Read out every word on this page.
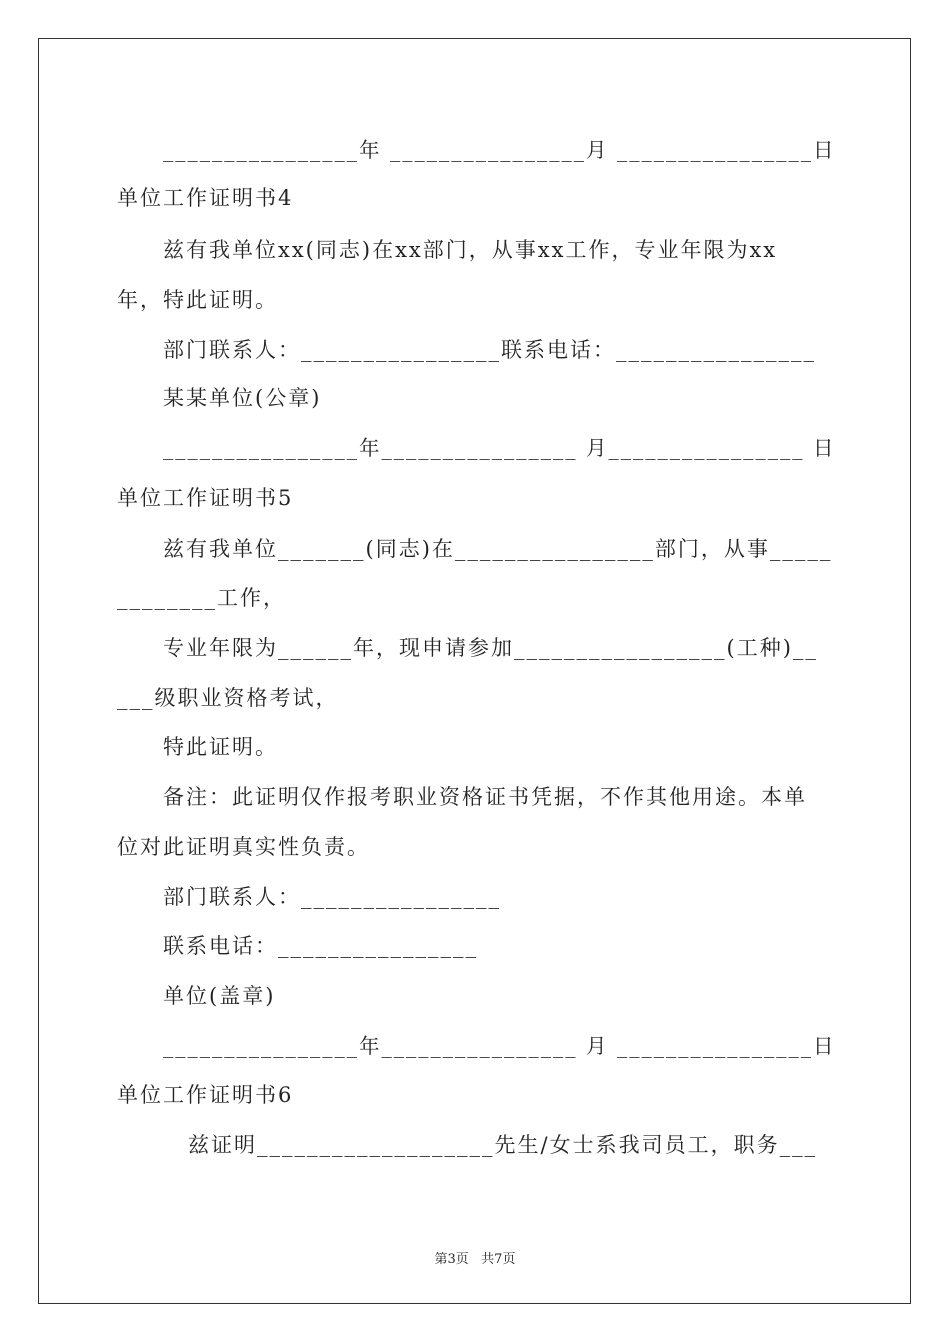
________________年 ________________月 ________________日
单位工作证明书4
兹有我单位xx(同志)在xx部门，从事xx工作，专业年限为xx
年，特此证明。
部门联系人：________________联系电话：________________
某某单位(公章)
________________年________________ 月________________ 日
单位工作证明书5
兹有我单位_______(同志)在________________部门，从事_____
________工作，
专业年限为______年，现申请参加_________________(工种)__
___级职业资格考试，
特此证明。
备注：此证明仅作报考职业资格证书凭据，不作其他用途。本单
位对此证明真实性负责。
部门联系人：________________
联系电话：________________
单位(盖章)
________________年________________ 月 ________________日
单位工作证明书6
兹证明___________________先生/女士系我司员工，职务___
第3页   共7页
